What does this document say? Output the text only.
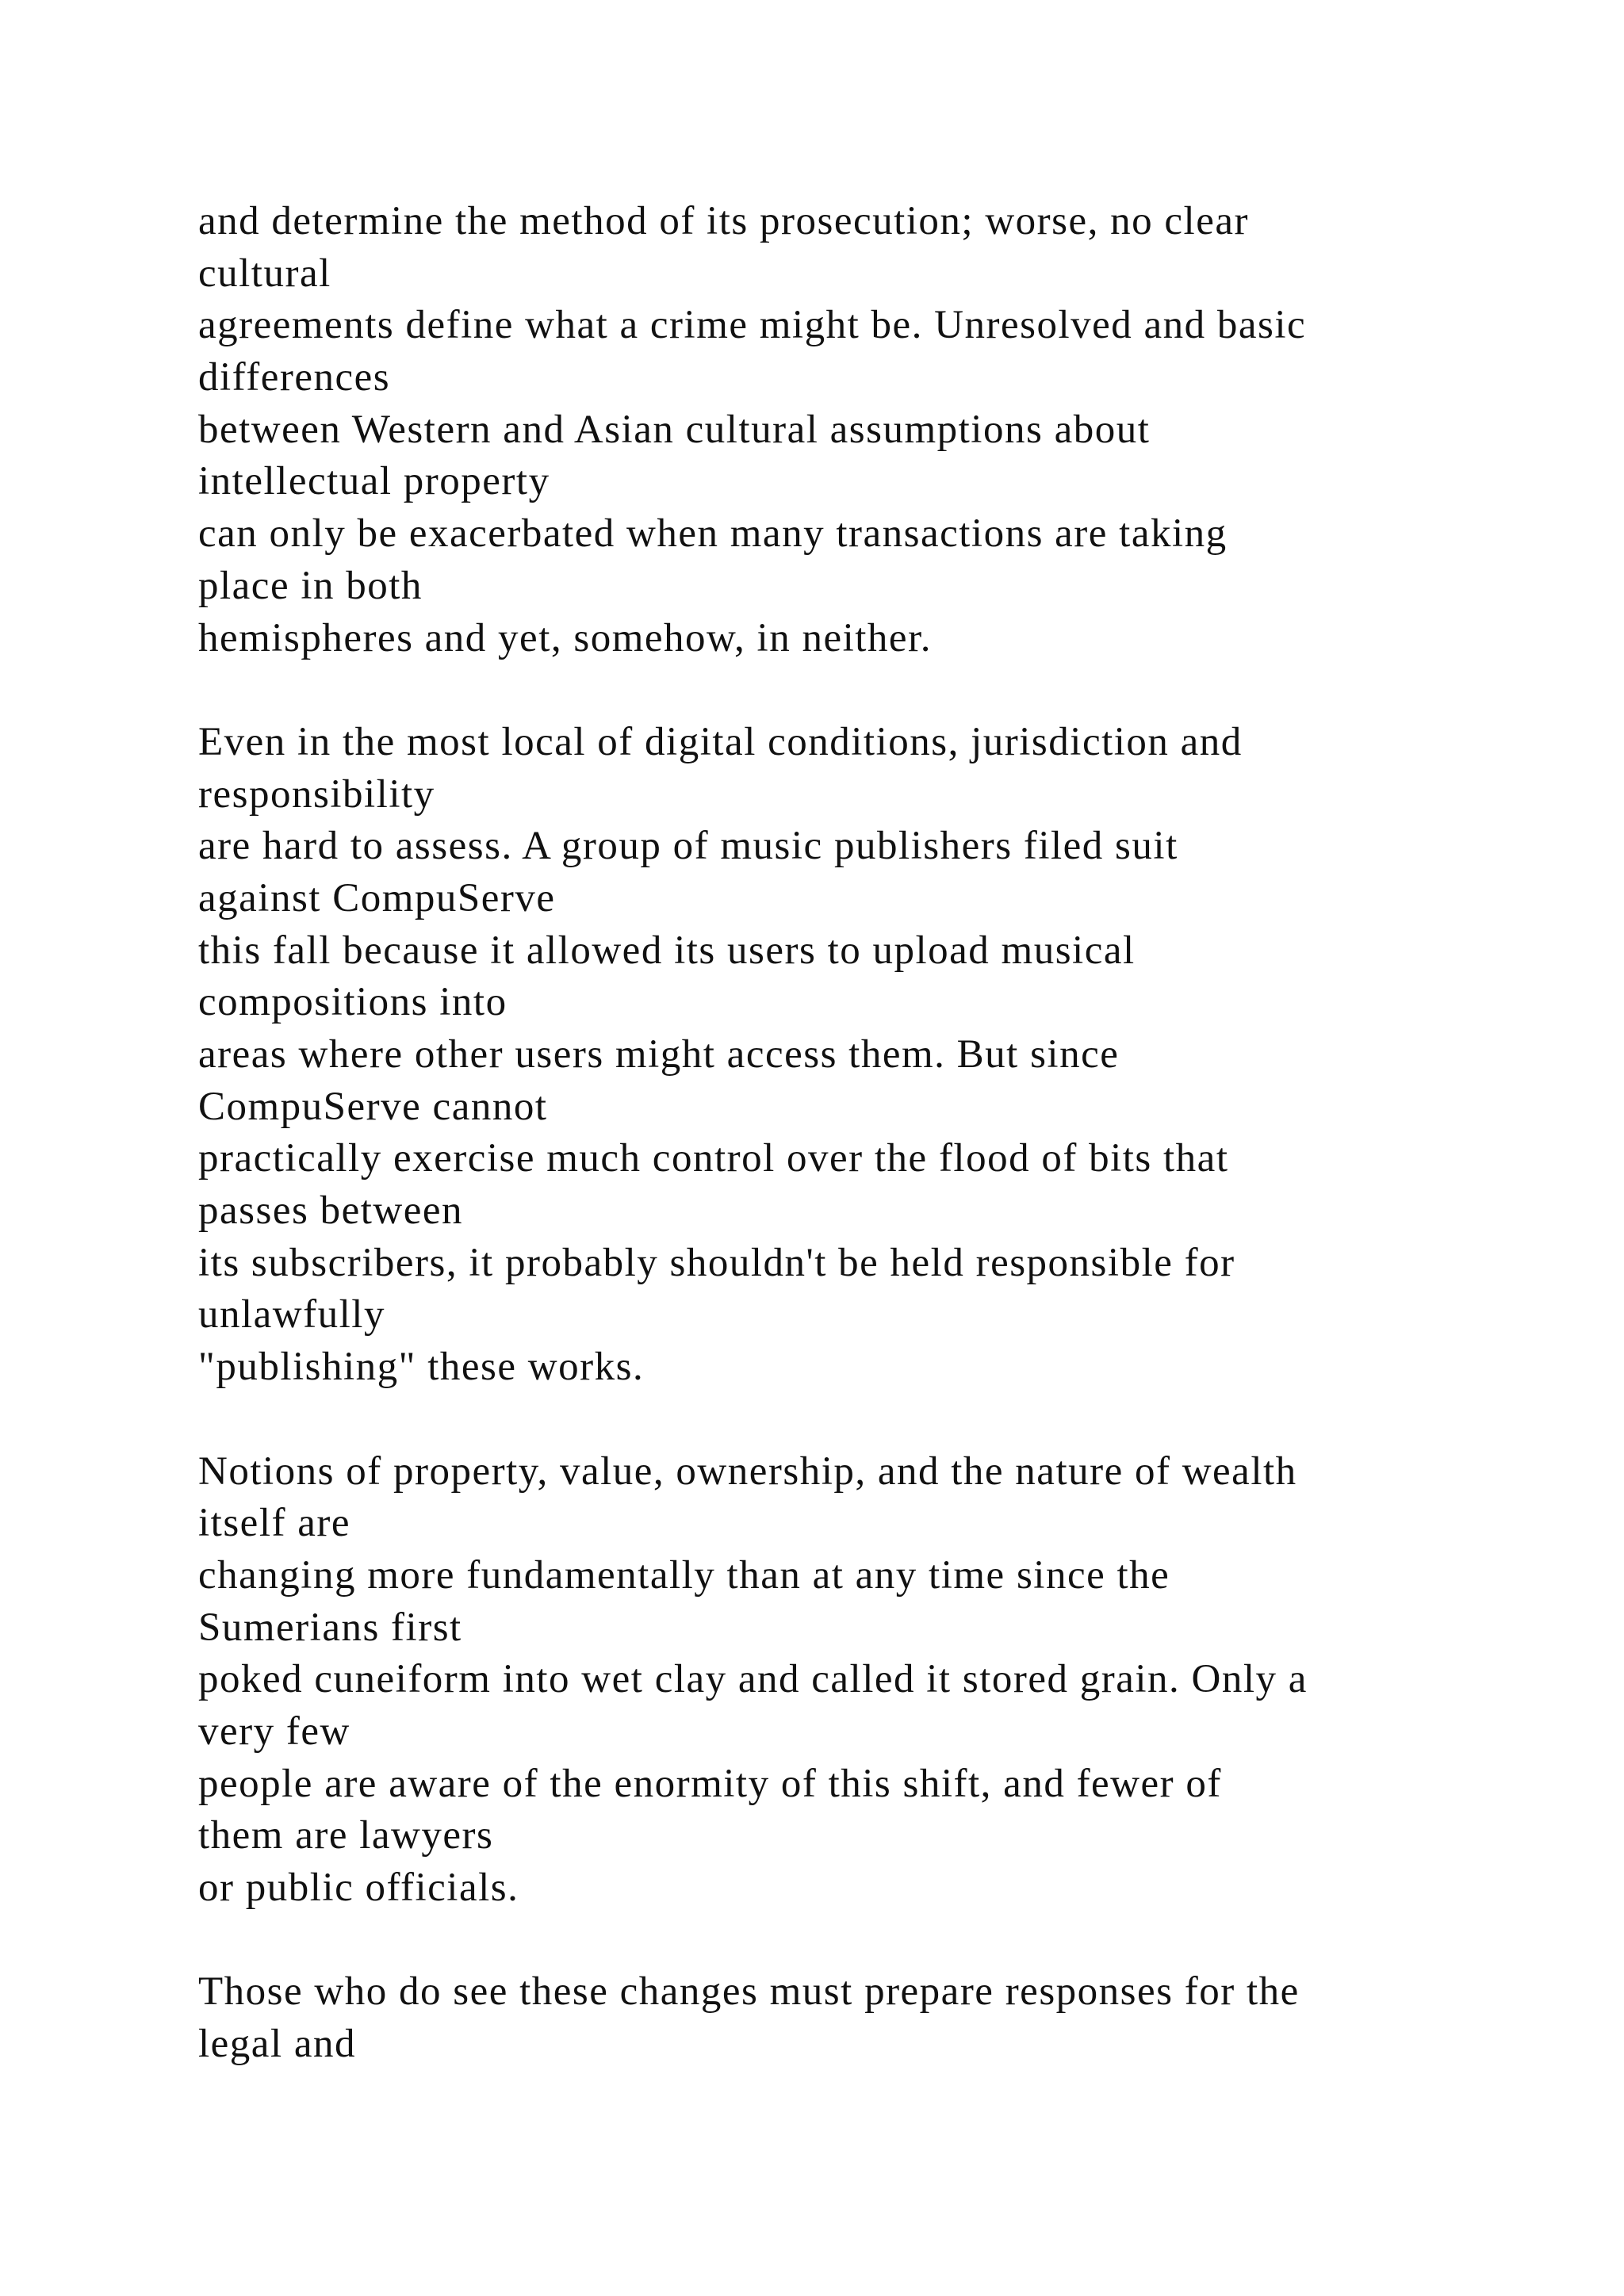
and determine the method of its prosecution; worse, no clear
cultural
agreements define what a crime might be. Unresolved and basic
differences
between Western and Asian cultural assumptions about
intellectual property
can only be exacerbated when many transactions are taking
place in both
hemispheres and yet, somehow, in neither.
Even in the most local of digital conditions, jurisdiction and
responsibility
are hard to assess. A group of music publishers filed suit
against CompuServe
this fall because it allowed its users to upload musical
compositions into
areas where other users might access them. But since
CompuServe cannot
practically exercise much control over the flood of bits that
passes between
its subscribers, it probably shouldn't be held responsible for
unlawfully
"publishing" these works.
Notions of property, value, ownership, and the nature of wealth
itself are
changing more fundamentally than at any time since the
Sumerians first
poked cuneiform into wet clay and called it stored grain. Only a
very few
people are aware of the enormity of this shift, and fewer of
them are lawyers
or public officials.
Those who do see these changes must prepare responses for the
legal and
